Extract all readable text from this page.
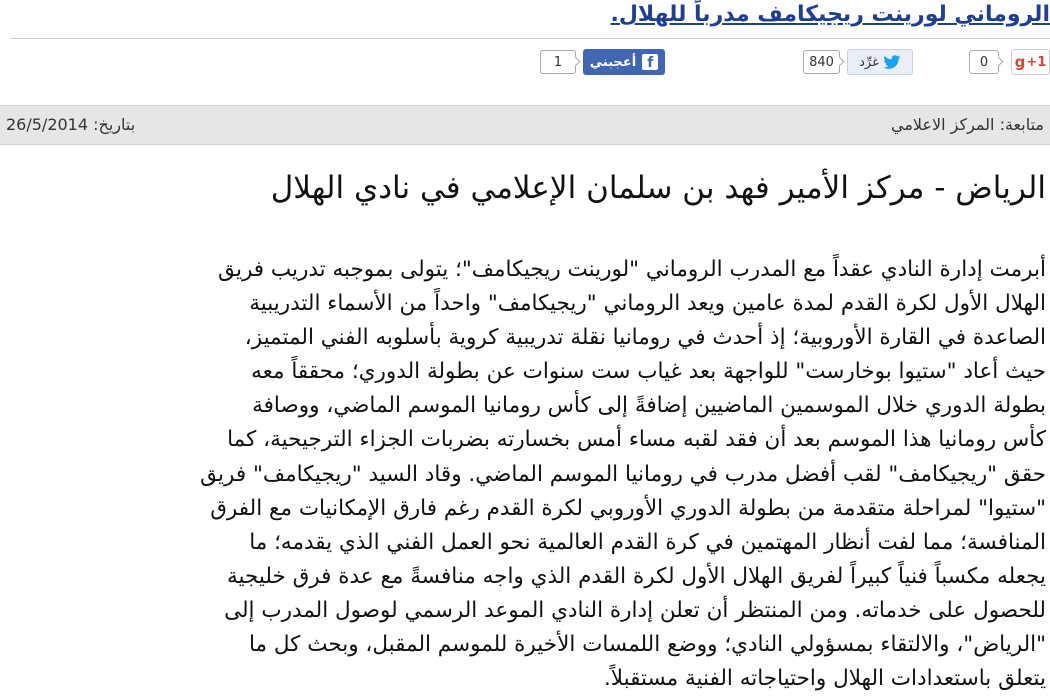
الروماني لورينت ريجيكامف مدرباً للهلال.
f
أعجبني
1	غرِّد
840	g +1
0
متابعة: المركز الاعلامي
بتاريخ: 26/5/2014
الرياض - مركز الأمير فهد بن سلمان الإعلامي في نادي الهلال
أبرمت إدارة النادي عقداً مع المدرب الروماني "لورينت ريجيكامف"؛ يتولى بموجبه تدريب فريق
الهلال الأول لكرة القدم لمدة عامين ويعد الروماني "ريجيكامف" واحداً من الأسماء التدريبية
الصاعدة في القارة الأوروبية؛ إذ أحدث في رومانيا نقلة تدريبية كروية بأسلوبه الفني المتميز،
حيث أعاد "ستيوا بوخارست" للواجهة بعد غياب ست سنوات عن بطولة الدوري؛ محققاً معه
بطولة الدوري خلال الموسمين الماضيين إضافةً إلى كأس رومانيا الموسم الماضي، ووصافة
كأس رومانيا هذا الموسم بعد أن فقد لقبه مساء أمس بخسارته بضربات الجزاء الترجيحية، كما
حقق "ريجيكامف" لقب أفضل مدرب في رومانيا الموسم الماضي. وقاد السيد "ريجيكامف" فريق
"ستيوا" لمراحلة متقدمة من بطولة الدوري الأوروبي لكرة القدم رغم فارق الإمكانيات مع الفرق
المنافسة؛ مما لفت أنظار المهتمين في كرة القدم العالمية نحو العمل الفني الذي يقدمه؛ ما
يجعله مكسباً فنياً كبيراً لفريق الهلال الأول لكرة القدم الذي واجه منافسةً مع عدة فرق خليجية
للحصول على خدماته. ومن المنتظر أن تعلن إدارة النادي الموعد الرسمي لوصول المدرب إلى
"الرياض"، والالتقاء بمسؤولي النادي؛ ووضع اللمسات الأخيرة للموسم المقبل، وبحث كل ما
يتعلق باستعدادات الهلال واحتياجاته الفنية مستقبلاً.
